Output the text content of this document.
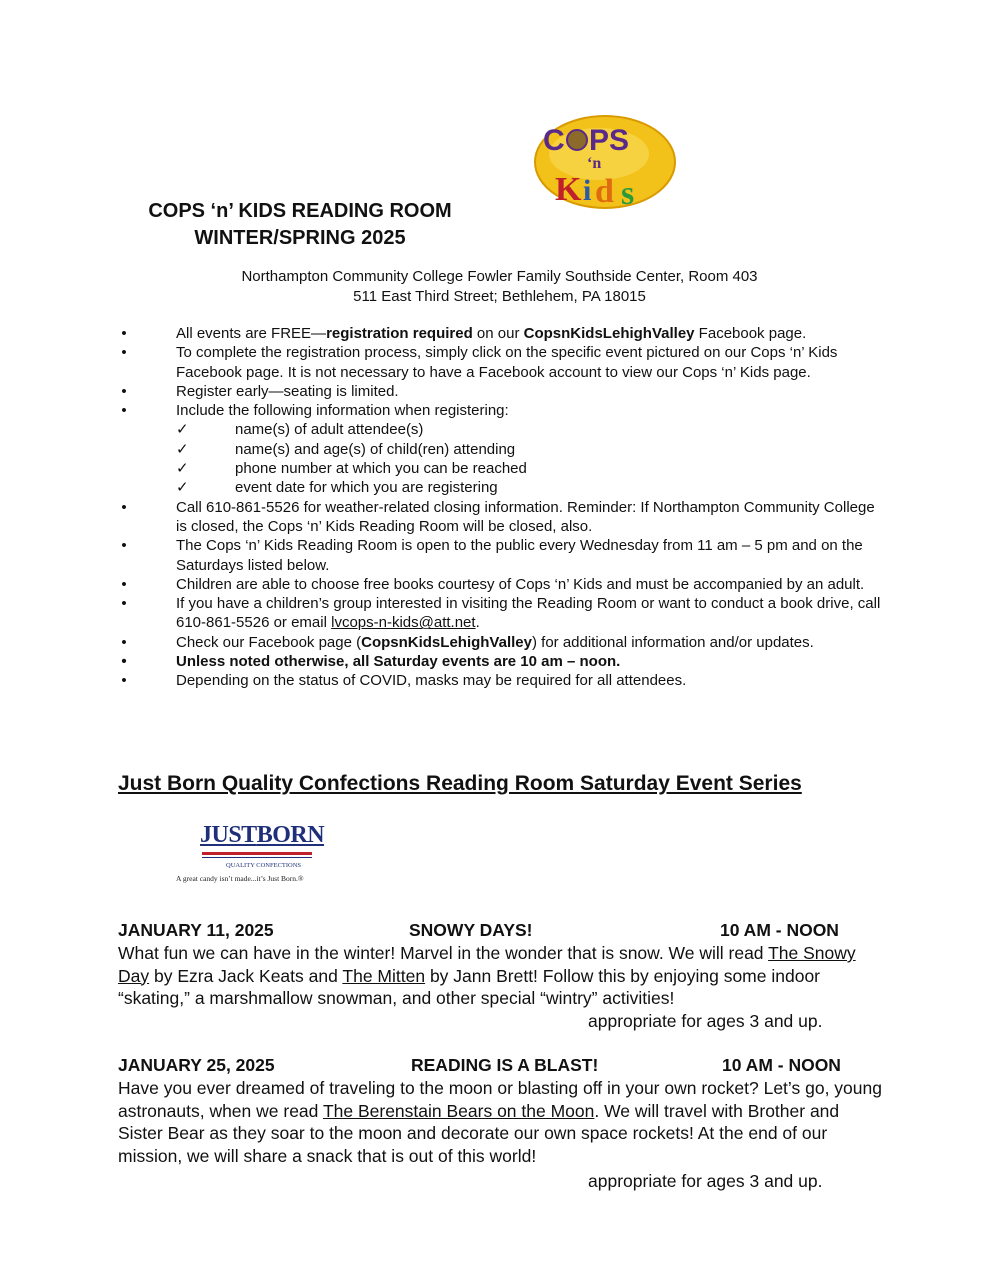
C PS
‘n
K i d s
COPS ‘n’ KIDS READING ROOM
WINTER/SPRING 2025
Northampton Community College Fowler Family Southside Center, Room 403
511 East Third Street; Bethlehem, PA 18015
•	All events are FREE—registration required on our CopsnKidsLehighValley Facebook page.
•	To complete the registration process, simply click on the specific event pictured on our Cops ‘n’ Kids Facebook page. It is not necessary to have a Facebook account to view our Cops ‘n’ Kids page.
•	Register early—seating is limited.
•	Include the following information when registering:
✓	name(s) of adult attendee(s)
✓	name(s) and age(s) of child(ren) attending
✓	phone number at which you can be reached
✓	event date for which you are registering
•	Call 610-861-5526 for weather-related closing information. Reminder: If Northampton Community College is closed, the Cops ‘n’ Kids Reading Room will be closed, also.
•	The Cops ‘n’ Kids Reading Room is open to the public every Wednesday from 11 am – 5 pm and on the Saturdays listed below.
•	Children are able to choose free books courtesy of Cops ‘n’ Kids and must be accompanied by an adult.
•	If you have a children’s group interested in visiting the Reading Room or want to conduct a book drive, call 610-861-5526 or email lvcops-n-kids@att.net.
•	Check our Facebook page (CopsnKidsLehighValley) for additional information and/or updates.
•	Unless noted otherwise, all Saturday events are 10 am – noon.
•	Depending on the status of COVID, masks may be required for all attendees.
Just Born Quality Confections Reading Room Saturday Event Series
JUSTBORN
QUALITY CONFECTIONS
A great candy isn’t made...it’s Just Born.®
JANUARY 11, 2025	SNOWY DAYS!	10 AM - NOON
What fun we can have in the winter! Marvel in the wonder that is snow. We will read The Snowy Day by Ezra Jack Keats and The Mitten by Jann Brett! Follow this by enjoying some indoor “skating,” a marshmallow snowman, and other special “wintry” activities!
appropriate for ages 3 and up.
JANUARY 25, 2025	READING IS A BLAST!	10 AM - NOON
Have you ever dreamed of traveling to the moon or blasting off in your own rocket? Let’s go, young astronauts, when we read The Berenstain Bears on the Moon. We will travel with Brother and Sister Bear as they soar to the moon and decorate our own space rockets! At the end of our mission, we will share a snack that is out of this world!
appropriate for ages 3 and up.
